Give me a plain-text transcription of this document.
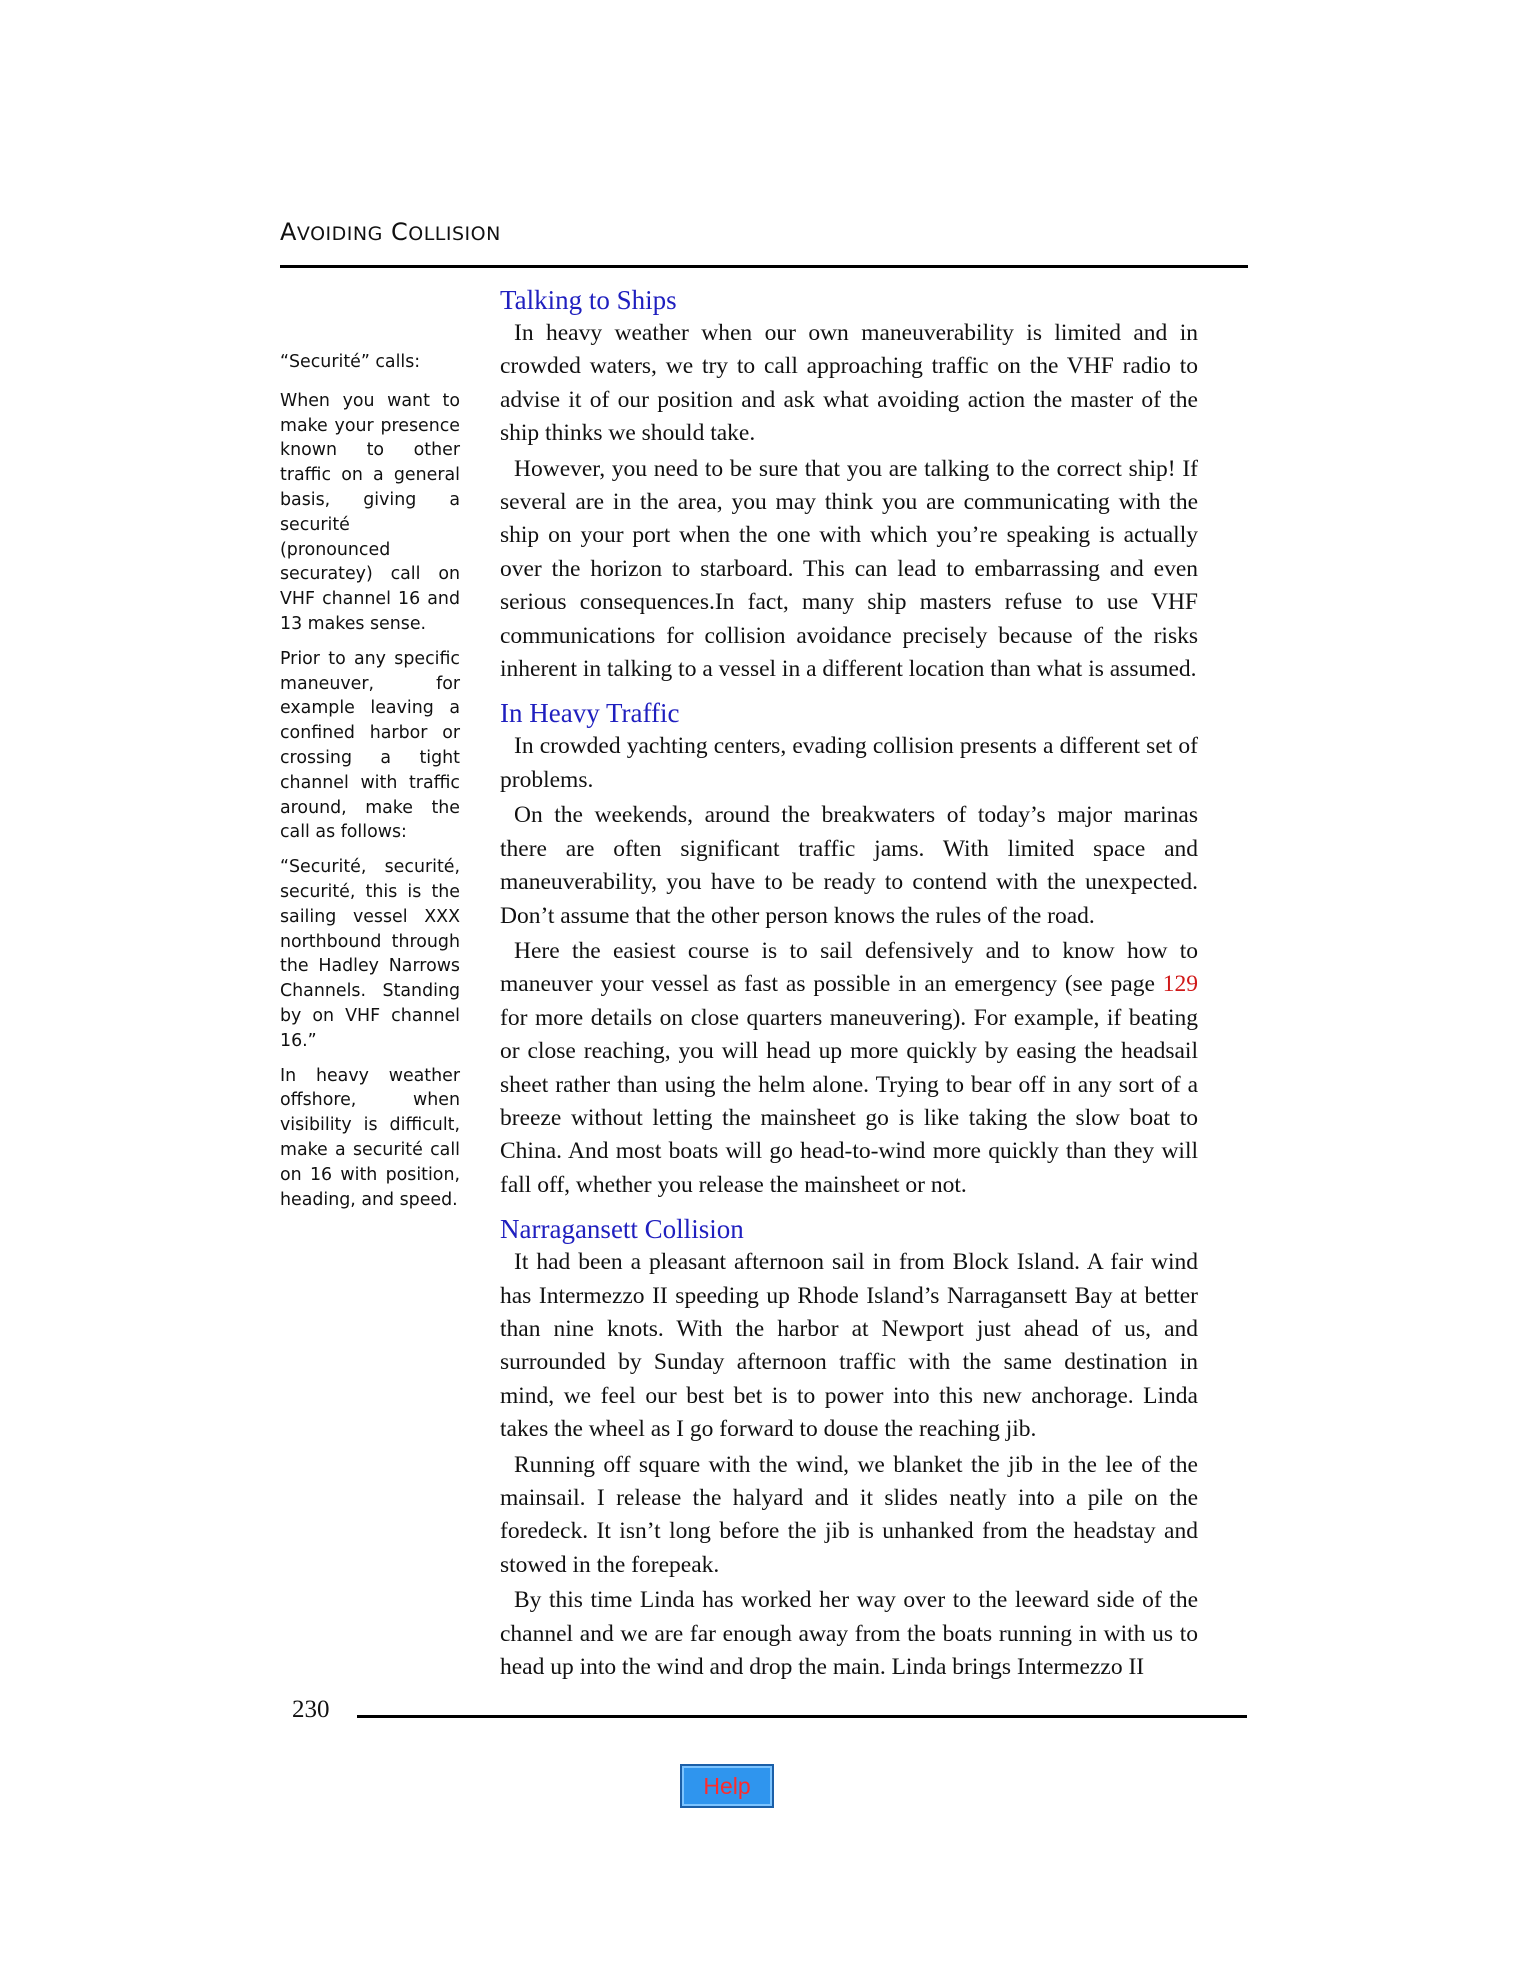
AVOIDING COLLISION

“Securité” calls:

When you want to make your presence known to other traffic on a general basis, giving a securité (pronounced securatey) call on VHF channel 16 and 13 makes sense.

Prior to any specific maneuver, for example leaving a confined harbor or crossing a tight channel with traffic around, make the call as follows:

“Securité, securité, securité, this is the sailing vessel XXX northbound through the Hadley Narrows Channels. Standing by on VHF channel 16.”

In heavy weather offshore, when visibility is difficult, make a securité call on 16 with position, heading, and speed.

Talking to Ships

In heavy weather when our own maneuverability is limited and in crowded waters, we try to call approaching traffic on the VHF radio to advise it of our position and ask what avoiding action the master of the ship thinks we should take.

However, you need to be sure that you are talking to the correct ship! If several are in the area, you may think you are communicating with the ship on your port when the one with which you’re speaking is actually over the horizon to starboard. This can lead to embarrassing and even serious consequences.In fact, many ship masters refuse to use VHF communications for collision avoidance precisely because of the risks inherent in talking to a vessel in a different location than what is assumed.

In Heavy Traffic

In crowded yachting centers, evading collision presents a different set of problems.

On the weekends, around the breakwaters of today’s major marinas there are often significant traffic jams. With limited space and maneuverability, you have to be ready to contend with the unexpected. Don’t assume that the other person knows the rules of the road.

Here the easiest course is to sail defensively and to know how to maneuver your vessel as fast as possible in an emergency (see page 129 for more details on close quarters maneuvering). For example, if beating or close reaching, you will head up more quickly by easing the headsail sheet rather than using the helm alone. Trying to bear off in any sort of a breeze without letting the mainsheet go is like taking the slow boat to China. And most boats will go head-to-wind more quickly than they will fall off, whether you release the mainsheet or not.

Narragansett Collision

It had been a pleasant afternoon sail in from Block Island. A fair wind has Intermezzo II speeding up Rhode Island’s Narragansett Bay at better than nine knots. With the harbor at Newport just ahead of us, and surrounded by Sunday afternoon traffic with the same destination in mind, we feel our best bet is to power into this new anchorage. Linda takes the wheel as I go forward to douse the reaching jib.

Running off square with the wind, we blanket the jib in the lee of the mainsail. I release the halyard and it slides neatly into a pile on the foredeck. It isn’t long before the jib is unhanked from the headstay and stowed in the forepeak.

By this time Linda has worked her way over to the leeward side of the channel and we are far enough away from the boats running in with us to head up into the wind and drop the main. Linda brings Intermezzo II

230
Help
